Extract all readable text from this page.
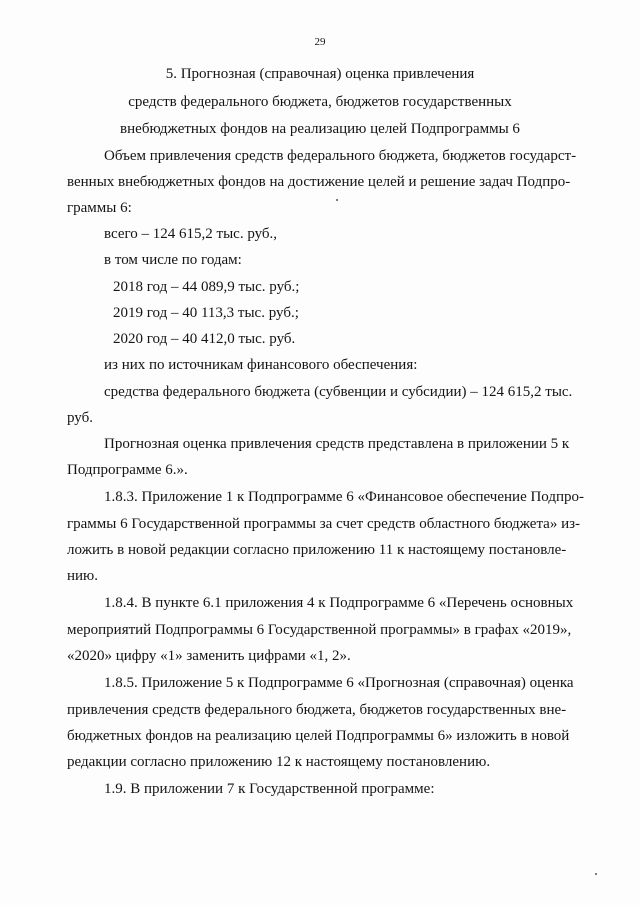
29
5. Прогнозная (справочная) оценка привлечения
средств федерального бюджета, бюджетов государственных
внебюджетных фондов на реализацию целей Подпрограммы 6
Объем привлечения средств федерального бюджета, бюджетов государст-
венных внебюджетных фондов на достижение целей и решение задач Подпро-
граммы 6:
всего – 124 615,2 тыс. руб.,
в том числе по годам:
2018 год – 44 089,9 тыс. руб.;
2019 год – 40 113,3 тыс. руб.;
2020 год – 40 412,0 тыс. руб.
из них по источникам финансового обеспечения:
средства федерального бюджета (субвенции и субсидии) – 124 615,2 тыс.
руб.
Прогнозная оценка привлечения средств представлена в приложении 5 к
Подпрограмме 6.».
1.8.3. Приложение 1 к Подпрограмме 6 «Финансовое обеспечение Подпро-
граммы 6 Государственной программы за счет средств областного бюджета» из-
ложить в новой редакции согласно приложению 11 к настоящему постановле-
нию.
1.8.4. В пункте 6.1 приложения 4 к Подпрограмме 6 «Перечень основных
мероприятий Подпрограммы 6 Государственной программы» в графах «2019»,
«2020» цифру «1» заменить цифрами «1, 2».
1.8.5. Приложение 5 к Подпрограмме 6 «Прогнозная (справочная) оценка
привлечения средств федерального бюджета, бюджетов государственных вне-
бюджетных фондов на реализацию целей Подпрограммы 6» изложить в новой
редакции согласно приложению 12 к настоящему постановлению.
1.9. В приложении 7 к Государственной программе:
